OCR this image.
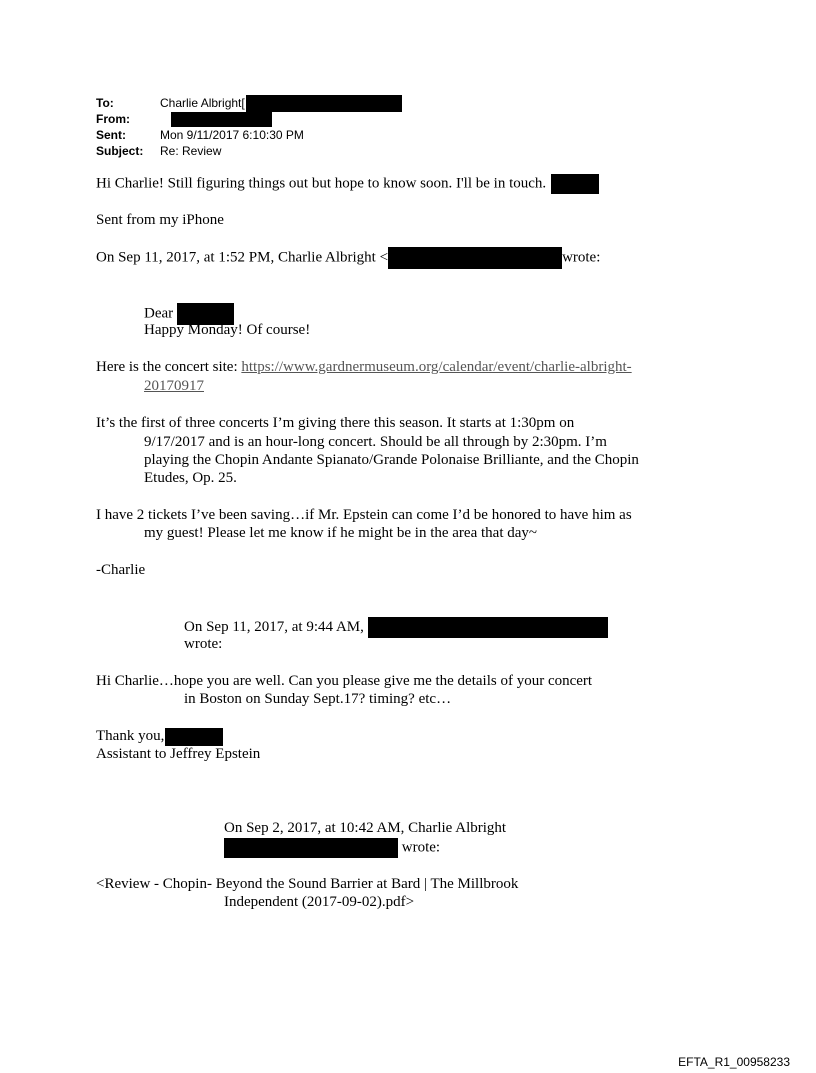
To:	Charlie Albright[
From:
Sent:	Mon 9/11/2017 6:10:30 PM
Subject: Re: Review
Hi Charlie! Still figuring things out but hope to know soon. I'll be in touch.
Sent from my iPhone
On Sep 11, 2017, at 1:52 PM, Charlie Albright <	wrote:
Dear
Happy Monday! Of course!
Here is the concert site: https://www.gardnermuseum.org/calendar/event/charlie-albright-
20170917
It’s the first of three concerts I’m giving there this season. It starts at 1:30pm on
9/17/2017 and is an hour-long concert. Should be all through by 2:30pm. I’m
playing the Chopin Andante Spianato/Grande Polonaise Brilliante, and the Chopin
Etudes, Op. 25.
I have 2 tickets I’ve been saving…if Mr. Epstein can come I’d be honored to have him as
my guest! Please let me know if he might be in the area that day~
-Charlie
On Sep 11, 2017, at 9:44 AM,
wrote:
Hi Charlie…hope you are well. Can you please give me the details of your concert
in Boston on Sunday Sept.17? timing? etc…
Thank you,
Assistant to Jeffrey Epstein
On Sep 2, 2017, at 10:42 AM, Charlie Albright
wrote:
<Review - Chopin- Beyond the Sound Barrier at Bard | The Millbrook
Independent (2017-09-02).pdf>
EFTA_R1_00958233
